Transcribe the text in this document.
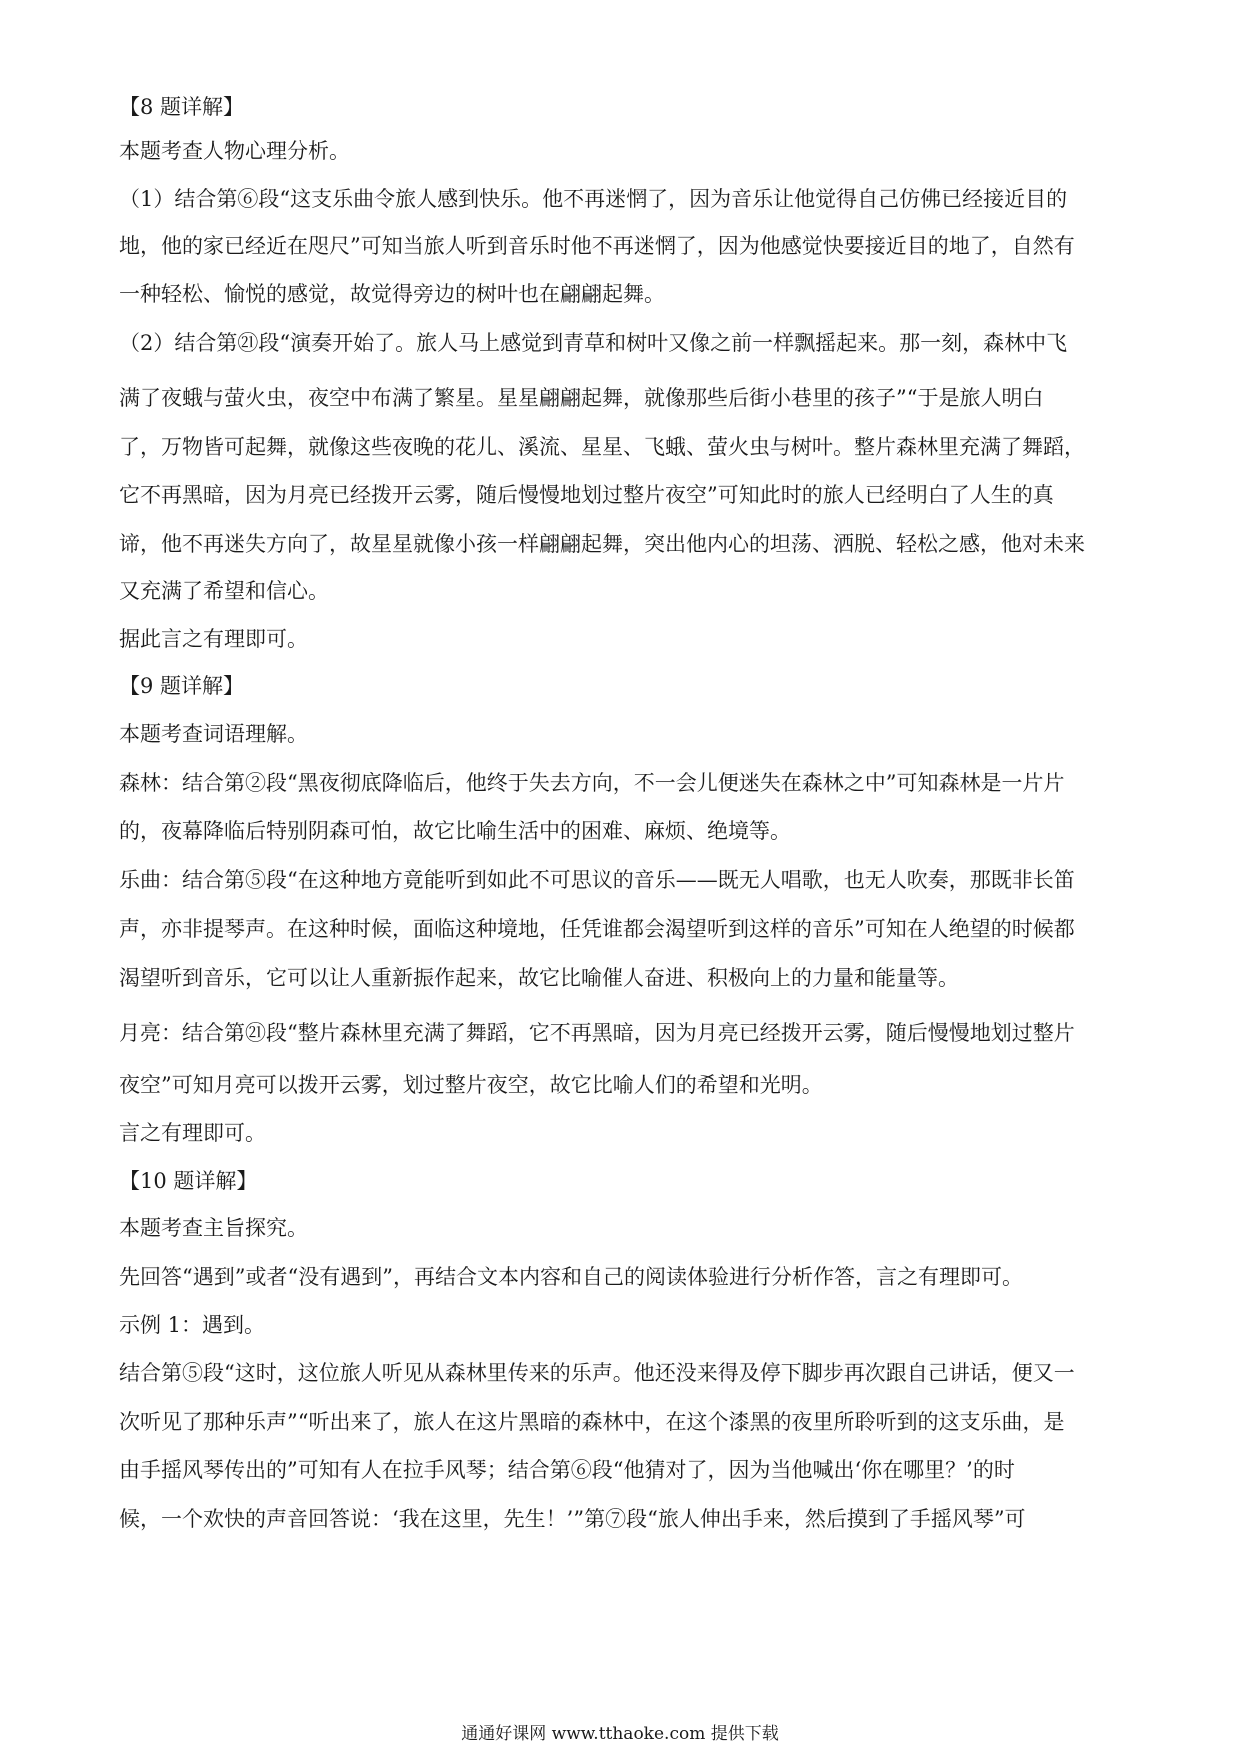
【8 题详解】
本题考查人物心理分析。
（1）结合第⑥段“这支乐曲令旅人感到快乐。他不再迷惘了，因为音乐让他觉得自己仿佛已经接近目的
地，他的家已经近在咫尺”可知当旅人听到音乐时他不再迷惘了，因为他感觉快要接近目的地了，自然有
一种轻松、愉悦的感觉，故觉得旁边的树叶也在翩翩起舞。
（2）结合第㉑段“演奏开始了。旅人马上感觉到青草和树叶又像之前一样飘摇起来。那一刻，森林中飞
满了夜蛾与萤火虫，夜空中布满了繁星。星星翩翩起舞，就像那些后街小巷里的孩子”“于是旅人明白
了，万物皆可起舞，就像这些夜晚的花儿、溪流、星星、飞蛾、萤火虫与树叶。整片森林里充满了舞蹈，
它不再黑暗，因为月亮已经拨开云雾，随后慢慢地划过整片夜空”可知此时的旅人已经明白了人生的真
谛，他不再迷失方向了，故星星就像小孩一样翩翩起舞，突出他内心的坦荡、洒脱、轻松之感，他对未来
又充满了希望和信心。
据此言之有理即可。
【9 题详解】
本题考查词语理解。
森林：结合第②段“黑夜彻底降临后，他终于失去方向，不一会儿便迷失在森林之中”可知森林是一片片
的，夜幕降临后特别阴森可怕，故它比喻生活中的困难、麻烦、绝境等。
乐曲：结合第⑤段“在这种地方竟能听到如此不可思议的音乐——既无人唱歌，也无人吹奏，那既非长笛
声，亦非提琴声。在这种时候，面临这种境地，任凭谁都会渴望听到这样的音乐”可知在人绝望的时候都
渴望听到音乐，它可以让人重新振作起来，故它比喻催人奋进、积极向上的力量和能量等。
月亮：结合第㉑段“整片森林里充满了舞蹈，它不再黑暗，因为月亮已经拨开云雾，随后慢慢地划过整片
夜空”可知月亮可以拨开云雾，划过整片夜空，故它比喻人们的希望和光明。
言之有理即可。
【10 题详解】
本题考查主旨探究。
先回答“遇到”或者“没有遇到”，再结合文本内容和自己的阅读体验进行分析作答，言之有理即可。
示例 1：遇到。
结合第⑤段“这时，这位旅人听见从森林里传来的乐声。他还没来得及停下脚步再次跟自己讲话，便又一
次听见了那种乐声”“听出来了，旅人在这片黑暗的森林中，在这个漆黑的夜里所聆听到的这支乐曲，是
由手摇风琴传出的”可知有人在拉手风琴；结合第⑥段“他猜对了，因为当他喊出‘你在哪里？’的时
候，一个欢快的声音回答说：‘我在这里，先生！’”第⑦段“旅人伸出手来，然后摸到了手摇风琴”可
通通好课网 www.tthaoke.com 提供下载
